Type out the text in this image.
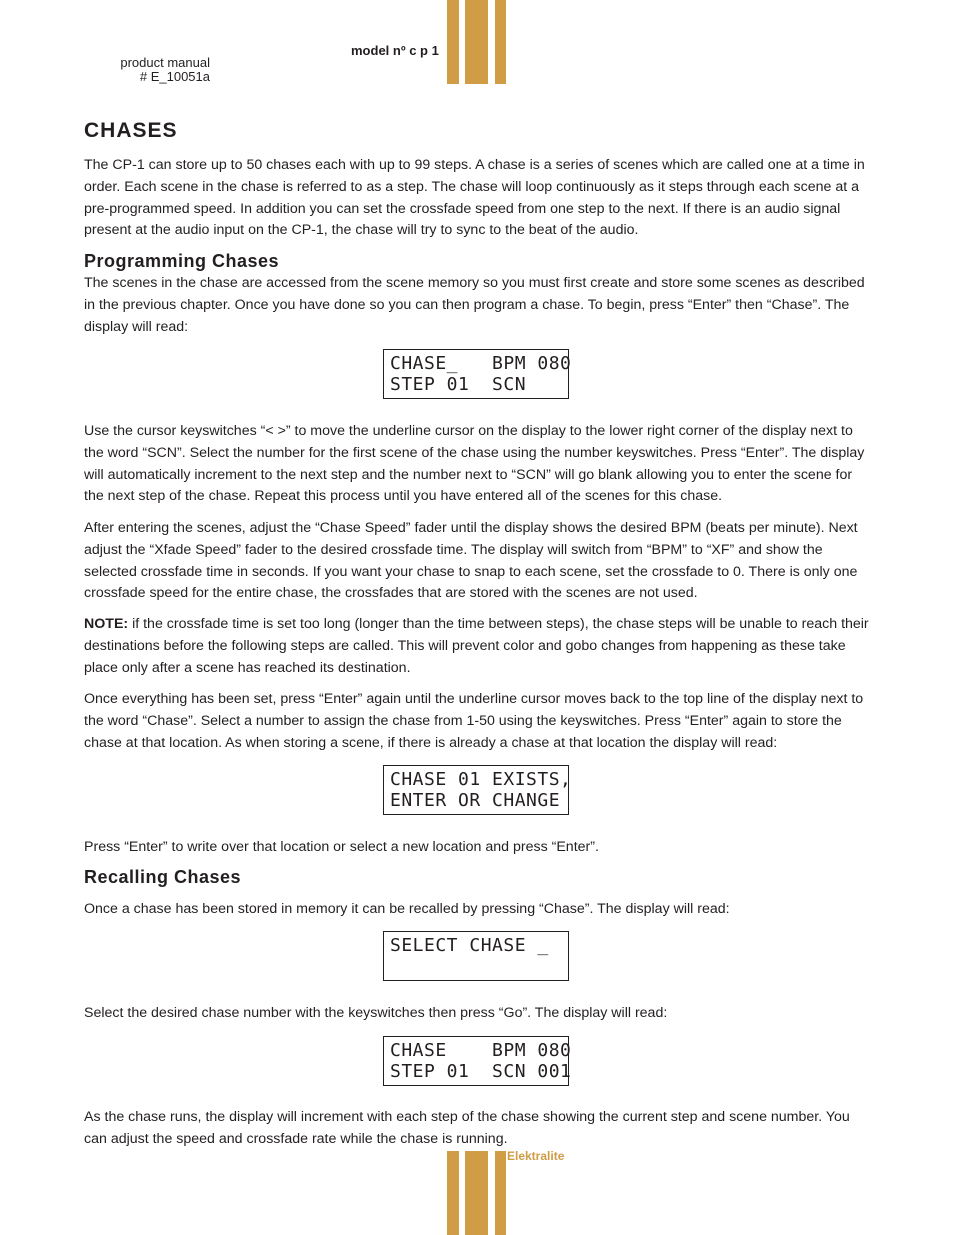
product manual
# E_10051a
model nº c p 1
CHASES

The CP-1 can store up to 50 chases each with up to 99 steps. A chase is a series of scenes which are called one at a time in order. Each scene in the chase is referred to as a step. The chase will loop continuously as it steps through each scene at a pre-programmed speed. In addition you can set the crossfade speed from one step to the next. If there is an audio signal present at the audio input on the CP-1, the chase will try to sync to the beat of the audio.

Programming Chases

The scenes in the chase are accessed from the scene memory so you must first create and store some scenes as described in the previous chapter. Once you have done so you can then program a chase. To begin, press “Enter” then “Chase”. The display will read:

CHASE_   BPM 080
STEP 01  SCN

Use the cursor keyswitches “< >” to move the underline cursor on the display to the lower right corner of the display next to the word “SCN”. Select the number for the first scene of the chase using the number keyswitches. Press “Enter”. The display will automatically increment to the next step and the number next to “SCN” will go blank allowing you to enter the scene for the next step of the chase. Repeat this process until you have entered all of the scenes for this chase.

After entering the scenes, adjust the “Chase Speed” fader until the display shows the desired BPM (beats per minute). Next adjust the “Xfade Speed” fader to the desired crossfade time. The display will switch from “BPM” to “XF” and show the selected crossfade time in seconds. If you want your chase to snap to each scene, set the crossfade to 0. There is only one crossfade speed for the entire chase, the crossfades that are stored with the scenes are not used.

NOTE: if the crossfade time is set too long (longer than the time between steps), the chase steps will be unable to reach their destinations before the following steps are called. This will prevent color and gobo changes from happening as these take place only after a scene has reached its destination.

Once everything has been set, press “Enter” again until the underline cursor moves back to the top line of the display next to the word “Chase”. Select a number to assign the chase from 1-50 using the keyswitches. Press “Enter” again to store the chase at that location. As when storing a scene, if there is already a chase at that location the display will read:

CHASE 01 EXISTS,
ENTER OR CHANGE

Press “Enter” to write over that location or select a new location and press “Enter”.

Recalling Chases

Once a chase has been stored in memory it can be recalled by pressing “Chase”. The display will read:

SELECT CHASE _

Select the desired chase number with the keyswitches then press “Go”. The display will read:

CHASE    BPM 080
STEP 01  SCN 001

As the chase runs, the display will increment with each step of the chase showing the current step and scene number. You can adjust the speed and crossfade rate while the chase is running.

Elektralite
